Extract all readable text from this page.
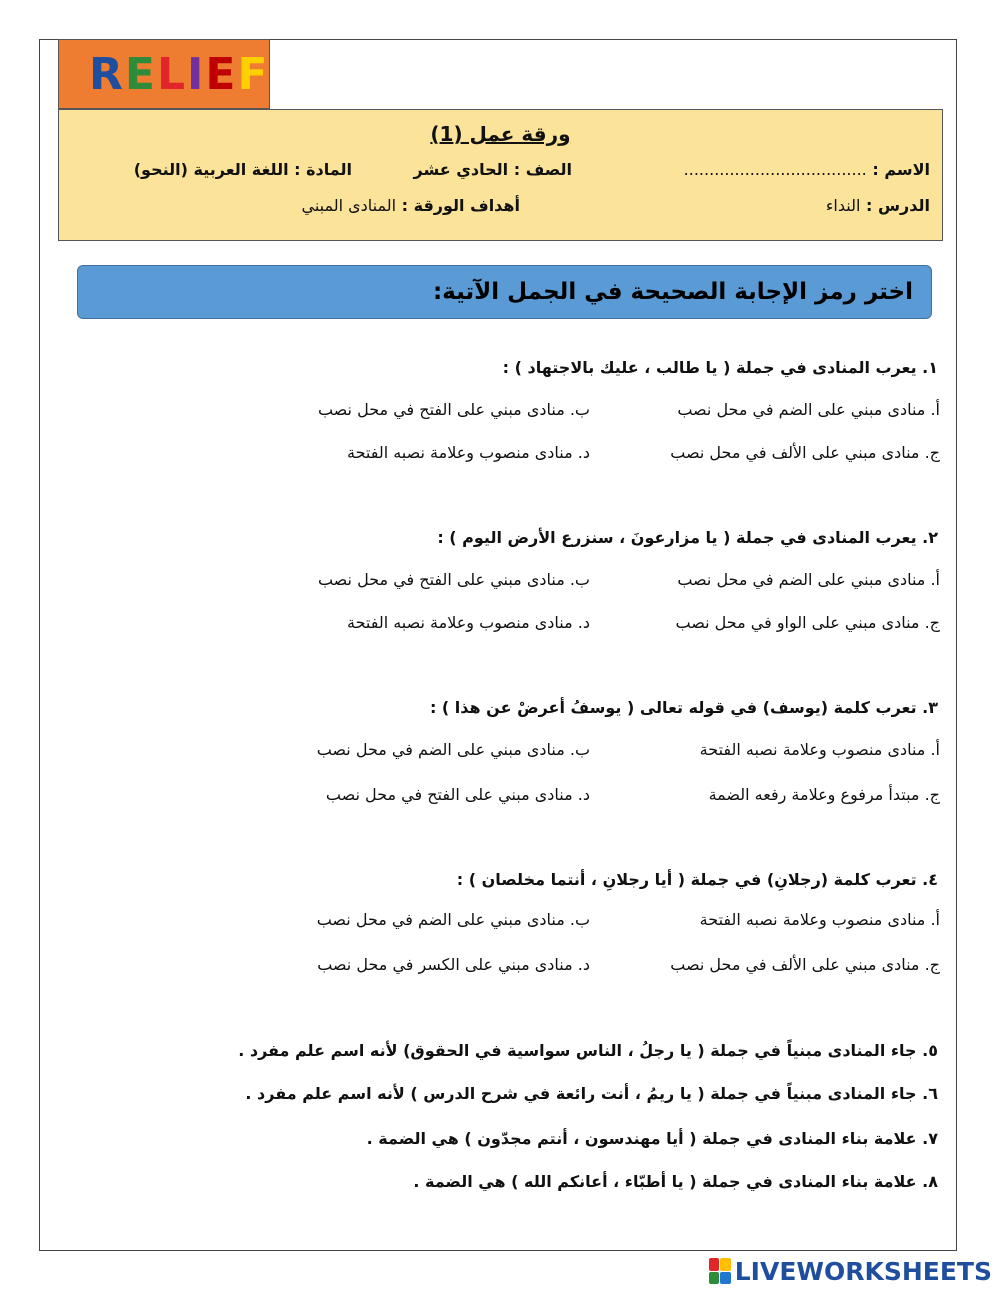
R E L I E F
ورقة عمل (1)
الاسم : ....................................
الصف : الحادي عشر
المادة : اللغة العربية (النحو)
الدرس : النداء
أهداف الورقة : المنادى المبني
اختر رمز الإجابة الصحيحة في الجمل الآتية:
١. يعرب المنادى في جملة ( يا طالب ، عليك بالاجتهاد ) :
أ. منادى مبني على الضم في محل نصب
ب. منادى مبني على الفتح في محل نصب
ج. منادى مبني على الألف في محل نصب
د. منادى منصوب وعلامة نصبه الفتحة
٢. يعرب المنادى في جملة ( يا مزارعونَ ، سنزرع الأرض اليوم ) :
أ. منادى مبني على الضم في محل نصب
ب. منادى مبني على الفتح في محل نصب
ج. منادى مبني على الواو في محل نصب
د. منادى منصوب وعلامة نصبه الفتحة
٣. تعرب كلمة (يوسف) في قوله تعالى ( يوسفُ أعرضْ عن هذا ) :
أ. منادى منصوب وعلامة نصبه الفتحة
ب. منادى مبني على الضم في محل نصب
ج. مبتدأ مرفوع وعلامة رفعه الضمة
د. منادى مبني على الفتح في محل نصب
٤. تعرب كلمة (رجلانِ) في جملة ( أيا رجلانِ ، أنتما مخلصان ) :
أ. منادى منصوب وعلامة نصبه الفتحة
ب. منادى مبني على الضم في محل نصب
ج. منادى مبني على الألف في محل نصب
د. منادى مبني على الكسر في محل نصب
٥. جاء المنادى مبنياً في جملة ( يا رجلُ ، الناس سواسية في الحقوق) لأنه اسم علم مفرد .
٦. جاء المنادى مبنياً في جملة ( يا ريمُ ، أنت رائعة في شرح الدرس ) لأنه اسم علم مفرد .
٧. علامة بناء المنادى في جملة ( أيا مهندسون ، أنتم مجدّون ) هي الضمة .
٨. علامة بناء المنادى في جملة ( يا أطبّاء ، أعانكم الله ) هي الضمة .
LIVEWORKSHEETS
